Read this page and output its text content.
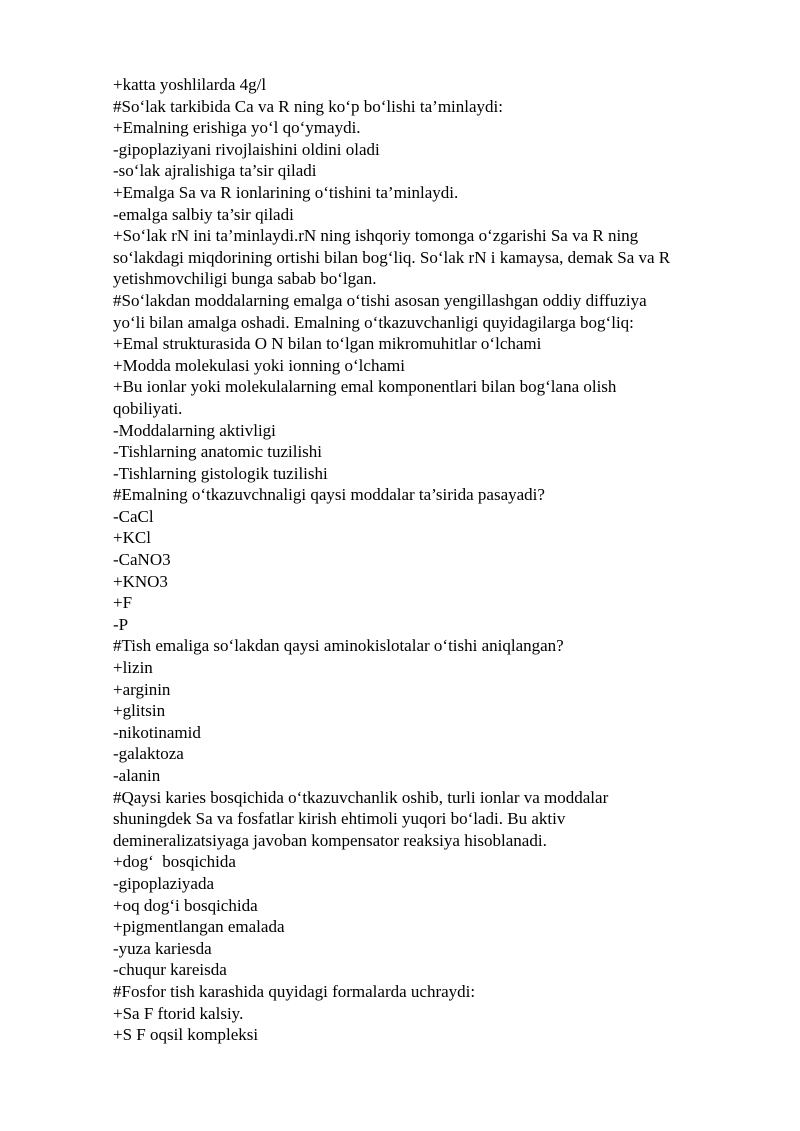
+katta yoshlilarda 4g/l
#So‘lak tarkibida Ca va R ning ko‘p bo‘lishi ta’minlaydi:
+Emalning erishiga yo‘l qo‘ymaydi.
-gipoplaziyani rivojlaishini oldini oladi
-so‘lak ajralishiga ta’sir qiladi
+Emalga Sa va R ionlarining o‘tishini ta’minlaydi.
-emalga salbiy ta’sir qiladi
+So‘lak rN ini ta’minlaydi.rN ning ishqoriy tomonga o‘zgarishi Sa va R ning
so‘lakdagi miqdorining ortishi bilan bog‘liq. So‘lak rN i kamaysa, demak Sa va R
yetishmovchiligi bunga sabab bo‘lgan.
#So‘lakdan moddalarning emalga o‘tishi asosan yengillashgan oddiy diffuziya
yo‘li bilan amalga oshadi. Emalning o‘tkazuvchanligi quyidagilarga bog‘liq:
+Emal strukturasida O N bilan to‘lgan mikromuhitlar o‘lchami
+Modda molekulasi yoki ionning o‘lchami
+Bu ionlar yoki molekulalarning emal komponentlari bilan bog‘lana olish
qobiliyati.
-Moddalarning aktivligi
-Tishlarning anatomic tuzilishi
-Tishlarning gistologik tuzilishi
#Emalning o‘tkazuvchnaligi qaysi moddalar ta’sirida pasayadi?
-CaCl
+KCl
-CaNO3
+KNO3
+F
-P
#Tish emaliga so‘lakdan qaysi aminokislotalar o‘tishi aniqlangan?
+lizin
+arginin
+glitsin
-nikotinamid
-galaktoza
-alanin
#Qaysi karies bosqichida o‘tkazuvchanlik oshib, turli ionlar va moddalar
shuningdek Sa va fosfatlar kirish ehtimoli yuqori bo‘ladi. Bu aktiv
demineralizatsiyaga javoban kompensator reaksiya hisoblanadi.
+dog‘  bosqichida
-gipoplaziyada
+oq dog‘i bosqichida
+pigmentlangan emalada
-yuza kariesda
-chuqur kareisda
#Fosfor tish karashida quyidagi formalarda uchraydi:
+Sa F ftorid kalsiy.
+S F oqsil kompleksi
